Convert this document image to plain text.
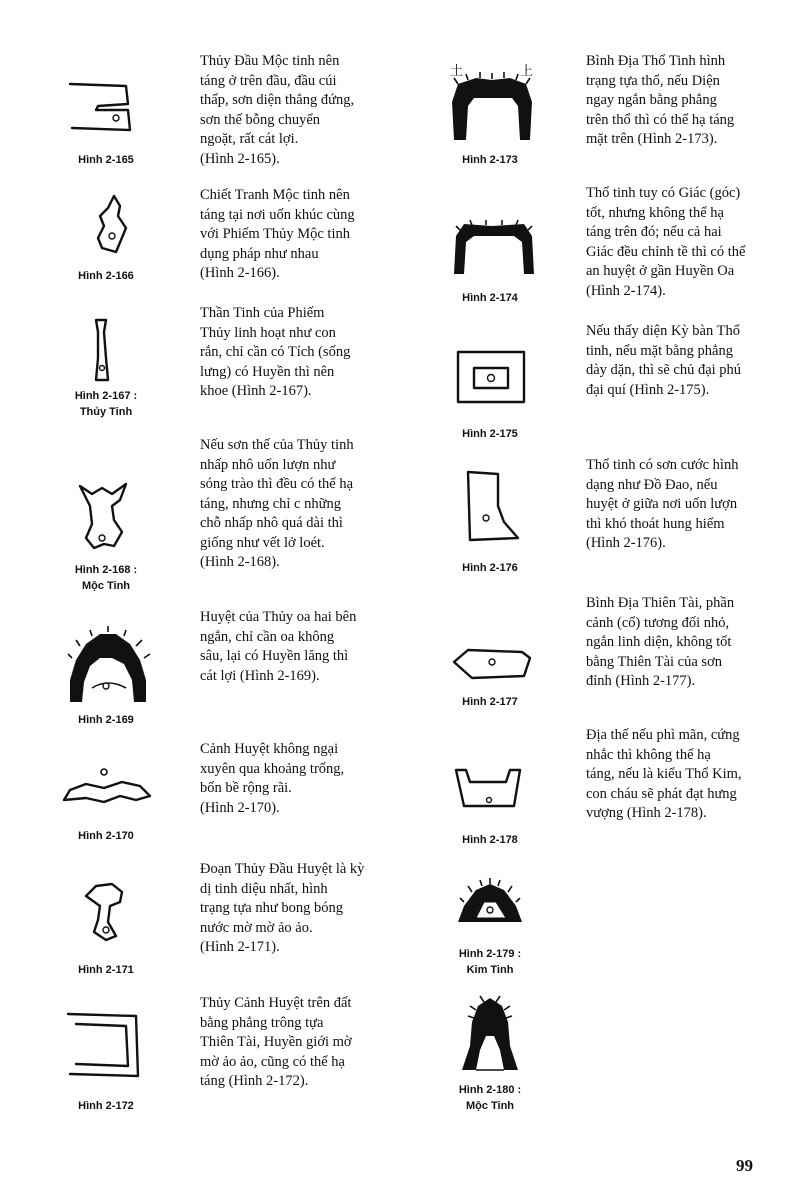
Hình 2-165
Hình 2-166
Hình 2-167 :
Thủy Tinh
Hình 2-168 :
Mộc Tinh
Hình 2-169
Hình 2-170
Hình 2-171
Hình 2-172
Thủy Đầu Mộc tinh nên
táng ở trên đầu, đầu cúi
thấp, sơn diện thẳng đứng,
sơn thế bỗng chuyển
ngoặt, rất cát lợi.
(Hình 2-165).
Chiết Tranh Mộc tinh nên
táng tại nơi uốn khúc cùng
với Phiếm Thủy Mộc tinh
dụng pháp như nhau
(Hình 2-166).
Thần Tinh của Phiếm
Thủy linh hoạt như con
rắn, chỉ cần có Tích (sống
lưng) có Huyền thì nên
khoe (Hình 2-167).
Nếu sơn thế của Thủy tinh
nhấp nhô uốn lượn như
sóng trào thì đều có thể hạ
táng, nhưng chỉ c những
chỗ nhấp nhô quá dài thì
giống như vết lở loét.
(Hình 2-168).
Huyệt của Thủy oa hai bên
ngắn, chỉ cần oa không
sâu, lại có Huyền lăng thì
cát lợi (Hình 2-169).
Cảnh Huyệt không ngại
xuyên qua khoảng trống,
bốn bề rộng rãi.
(Hình 2-170).
Đoạn Thủy Đầu Huyệt là kỳ
dị tinh diệu nhất, hình
trạng tựa như bong bóng
nước mờ mờ ảo ảo.
(Hình 2-171).
Thủy Cảnh Huyệt trên đất
bằng phẳng trông tựa
Thiên Tài, Huyền giới mờ
mờ ảo ảo, cũng có thể hạ
táng (Hình 2-172).
土	上
Hình 2-173
Hình 2-174
Hình 2-175
Hình 2-176
Hình 2-177
Hình 2-178
Hình 2-179 :
Kim Tinh
Hình 2-180 :
Mộc Tinh
Bình Địa Thổ Tinh hình
trạng tựa thổ, nếu Diện
ngay ngắn bằng phẳng
trên thổ thì có thể hạ táng
mặt trên (Hình 2-173).
Thổ tinh tuy có Giác (góc)
tốt, nhưng không thể hạ
táng trên đó; nếu cả hai
Giác đều chỉnh tề thì có thể
an huyệt ở gần Huyền Oa
(Hình 2-174).
Nếu thấy diện Kỳ bàn Thổ
tinh, nếu mặt bằng phẳng
dày dặn, thì sẽ chủ đại phú
đại quí (Hình 2-175).
Thổ tinh có sơn cước hình
dạng như Đồ Đao, nếu
huyệt ở giữa nơi uốn lượn
thì khó thoát hung hiểm
(Hình 2-176).
Bình Địa Thiên Tài, phần
cảnh (cổ) tương đối nhỏ,
ngắn linh diện, không tốt
bằng Thiên Tài của sơn
đỉnh (Hình 2-177).
Địa thế nếu phì mãn, cứng
nhắc thì không thể hạ
táng, nếu là kiểu Thổ Kim,
con cháu sẽ phát đạt hưng
vượng (Hình 2-178).
99
